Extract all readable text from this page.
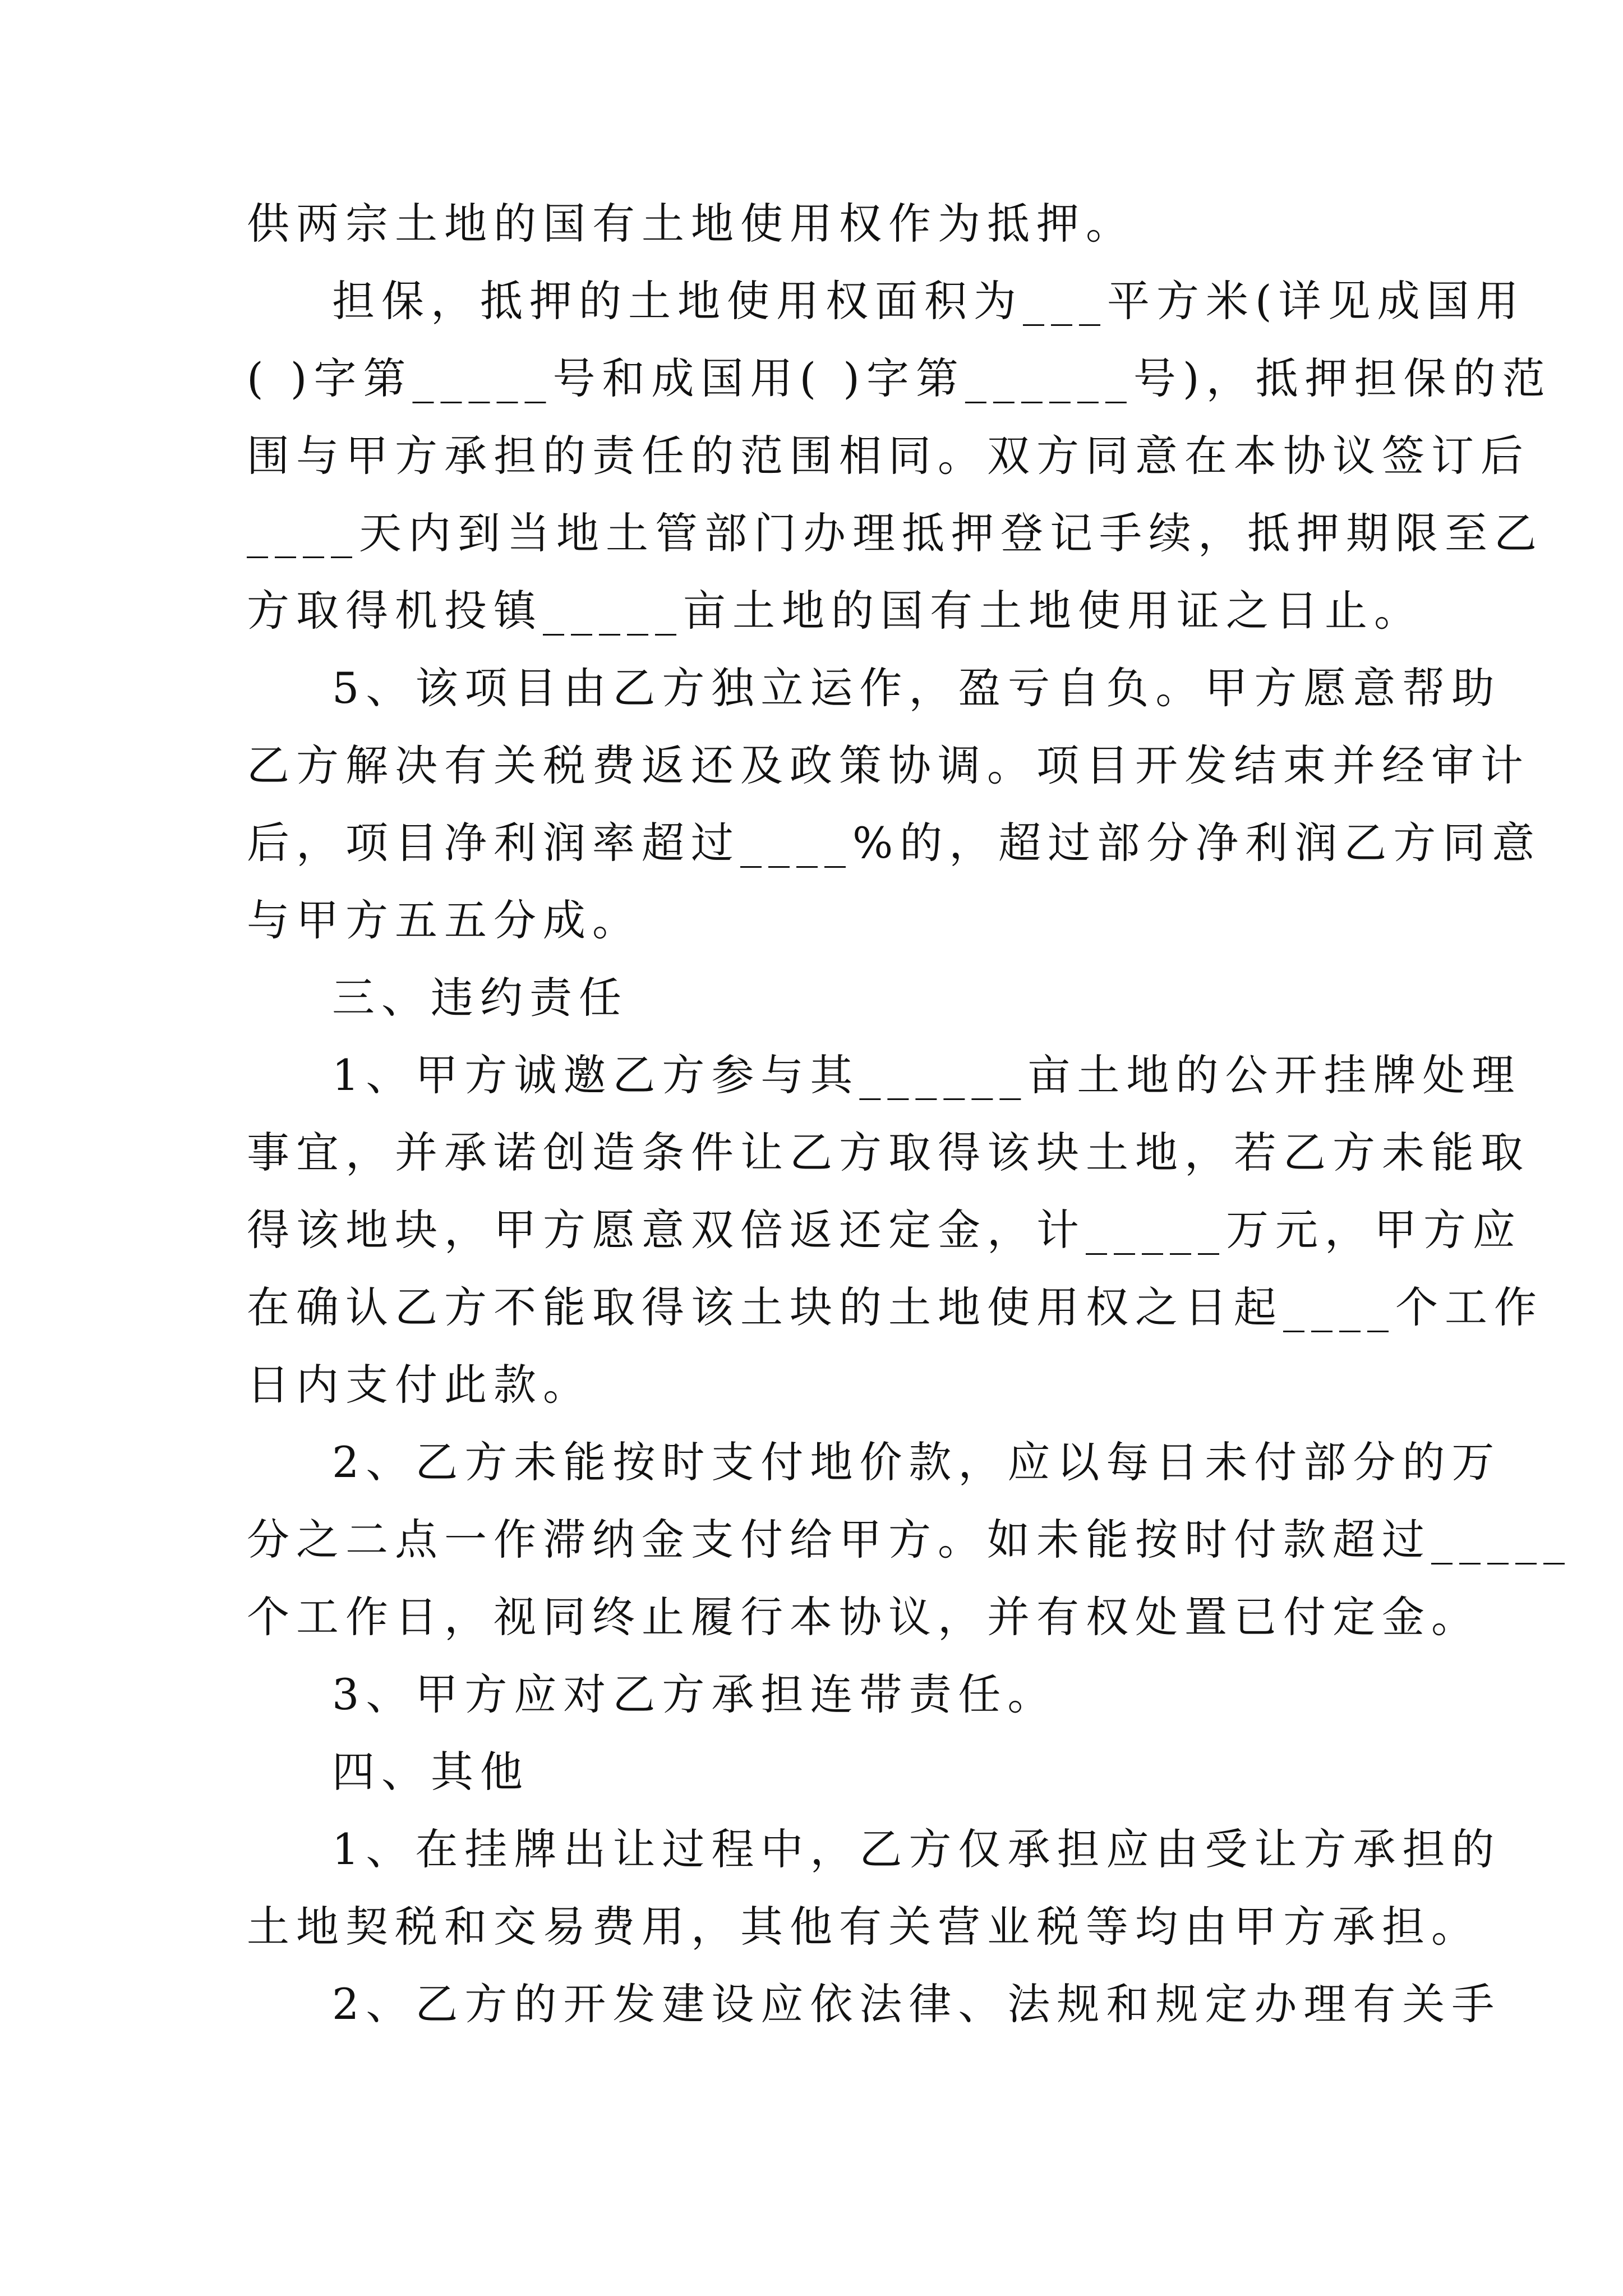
供两宗土地的国有土地使用权作为抵押。
担保，抵押的土地使用权面积为___平方米(详见成国用
( )字第_____号和成国用( )字第______号)，抵押担保的范
围与甲方承担的责任的范围相同。双方同意在本协议签订后
____天内到当地土管部门办理抵押登记手续，抵押期限至乙
方取得机投镇_____亩土地的国有土地使用证之日止。
5、该项目由乙方独立运作，盈亏自负。甲方愿意帮助
乙方解决有关税费返还及政策协调。项目开发结束并经审计
后，项目净利润率超过____%的，超过部分净利润乙方同意
与甲方五五分成。
三、违约责任
1、甲方诚邀乙方参与其______亩土地的公开挂牌处理
事宜，并承诺创造条件让乙方取得该块土地，若乙方未能取
得该地块，甲方愿意双倍返还定金，计_____万元，甲方应
在确认乙方不能取得该土块的土地使用权之日起____个工作
日内支付此款。
2、乙方未能按时支付地价款，应以每日未付部分的万
分之二点一作滞纳金支付给甲方。如未能按时付款超过_____
个工作日，视同终止履行本协议，并有权处置已付定金。
3、甲方应对乙方承担连带责任。
四、其他
1、在挂牌出让过程中，乙方仅承担应由受让方承担的
土地契税和交易费用，其他有关营业税等均由甲方承担。
2、乙方的开发建设应依法律、法规和规定办理有关手
